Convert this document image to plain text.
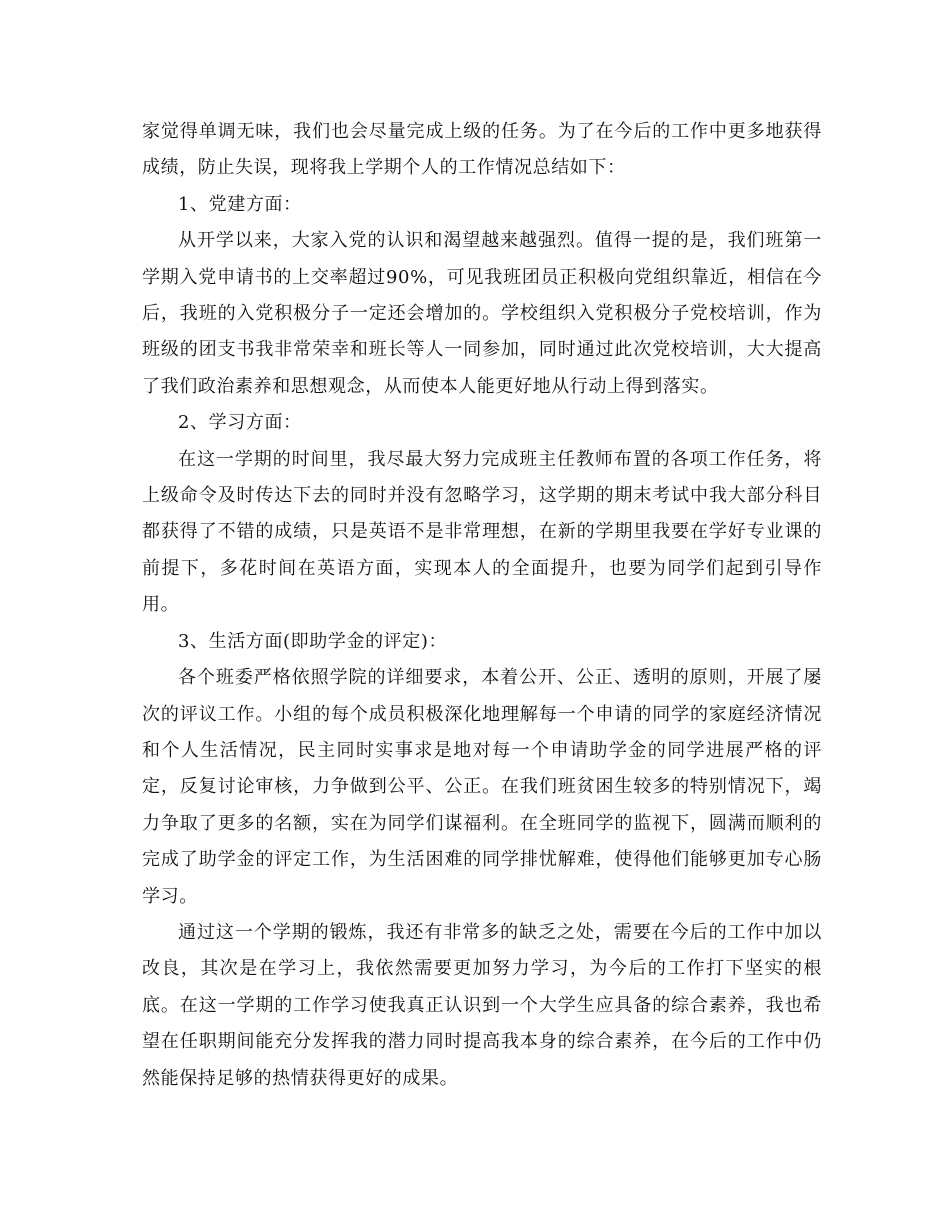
家觉得单调无味，我们也会尽量完成上级的任务。为了在今后的工作中更多地获得成绩，防止失误，现将我上学期个人的工作情况总结如下：

1、党建方面：

从开学以来，大家入党的认识和渴望越来越强烈。值得一提的是，我们班第一学期入党申请书的上交率超过90%，可见我班团员正积极向党组织靠近，相信在今后，我班的入党积极分子一定还会增加的。学校组织入党积极分子党校培训，作为班级的团支书我非常荣幸和班长等人一同参加，同时通过此次党校培训，大大提高了我们政治素养和思想观念，从而使本人能更好地从行动上得到落实。

2、学习方面：

在这一学期的时间里，我尽最大努力完成班主任教师布置的各项工作任务，将上级命令及时传达下去的同时并没有忽略学习，这学期的期末考试中我大部分科目都获得了不错的成绩，只是英语不是非常理想，在新的学期里我要在学好专业课的前提下，多花时间在英语方面，实现本人的全面提升，也要为同学们起到引导作用。

3、生活方面(即助学金的评定)：

各个班委严格依照学院的详细要求，本着公开、公正、透明的原则，开展了屡次的评议工作。小组的每个成员积极深化地理解每一个申请的同学的家庭经济情况和个人生活情况，民主同时实事求是地对每一个申请助学金的同学进展严格的评定，反复讨论审核，力争做到公平、公正。在我们班贫困生较多的特别情况下，竭力争取了更多的名额，实在为同学们谋福利。在全班同学的监视下，圆满而顺利的完成了助学金的评定工作，为生活困难的同学排忧解难，使得他们能够更加专心肠学习。

通过这一个学期的锻炼，我还有非常多的缺乏之处，需要在今后的工作中加以改良，其次是在学习上，我依然需要更加努力学习，为今后的工作打下坚实的根底。在这一学期的工作学习使我真正认识到一个大学生应具备的综合素养，我也希望在任职期间能充分发挥我的潜力同时提高我本身的综合素养，在今后的工作中仍然能保持足够的热情获得更好的成果。
